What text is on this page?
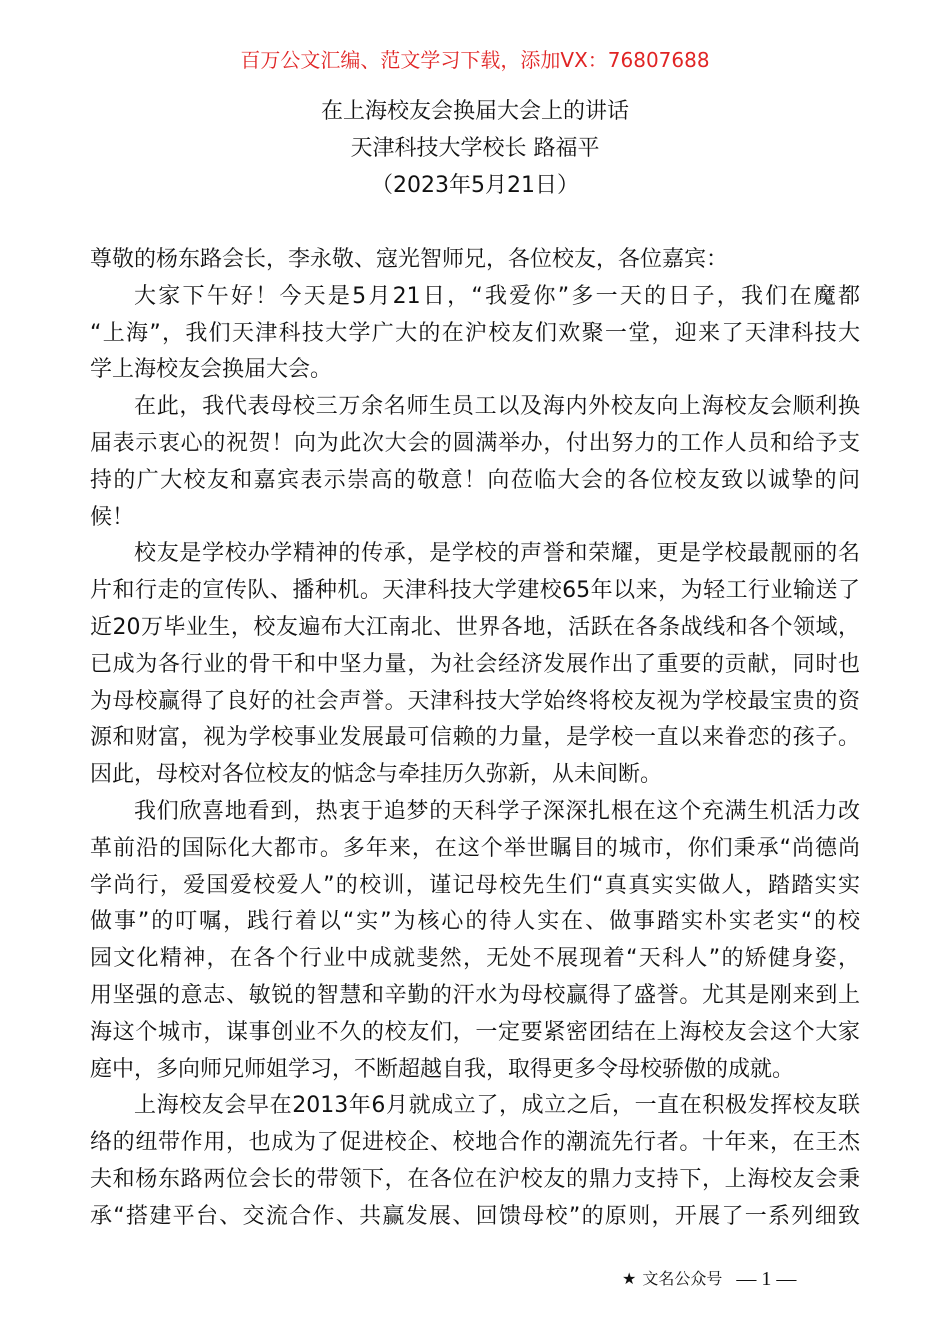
百万公文汇编、范文学习下载，添加VX：76807688
在上海校友会换届大会上的讲话
天津科技大学校长 路福平
（2023年5月21日）
尊敬的杨东路会长，李永敬、寇光智师兄，各位校友，各位嘉宾：
大家下午好！今天是5月21日，“我爱你”多一天的日子，我们在魔都
“上海”，我们天津科技大学广大的在沪校友们欢聚一堂，迎来了天津科技大
学上海校友会换届大会。
在此，我代表母校三万余名师生员工以及海内外校友向上海校友会顺利换
届表示衷心的祝贺！向为此次大会的圆满举办，付出努力的工作人员和给予支
持的广大校友和嘉宾表示崇高的敬意！向莅临大会的各位校友致以诚挚的问
候！
校友是学校办学精神的传承，是学校的声誉和荣耀，更是学校最靓丽的名
片和行走的宣传队、播种机。天津科技大学建校65年以来，为轻工行业输送了
近20万毕业生，校友遍布大江南北、世界各地，活跃在各条战线和各个领域，
已成为各行业的骨干和中坚力量，为社会经济发展作出了重要的贡献，同时也
为母校赢得了良好的社会声誉。天津科技大学始终将校友视为学校最宝贵的资
源和财富，视为学校事业发展最可信赖的力量，是学校一直以来眷恋的孩子。
因此，母校对各位校友的惦念与牵挂历久弥新，从未间断。
我们欣喜地看到，热衷于追梦的天科学子深深扎根在这个充满生机活力改
革前沿的国际化大都市。多年来，在这个举世瞩目的城市，你们秉承“尚德尚
学尚行，爱国爱校爱人”的校训，谨记母校先生们“真真实实做人，踏踏实实
做事”的叮嘱，践行着以“实”为核心的待人实在、做事踏实朴实老实“的校
园文化精神，在各个行业中成就斐然，无处不展现着“天科人”的矫健身姿，
用坚强的意志、敏锐的智慧和辛勤的汗水为母校赢得了盛誉。尤其是刚来到上
海这个城市，谋事创业不久的校友们，一定要紧密团结在上海校友会这个大家
庭中，多向师兄师姐学习，不断超越自我，取得更多令母校骄傲的成就。
上海校友会早在2013年6月就成立了，成立之后，一直在积极发挥校友联
络的纽带作用，也成为了促进校企、校地合作的潮流先行者。十年来，在王杰
夫和杨东路两位会长的带领下，在各位在沪校友的鼎力支持下，上海校友会秉
承“搭建平台、交流合作、共赢发展、回馈母校”的原则，开展了一系列细致
★ 文名公众号 — 1 —
